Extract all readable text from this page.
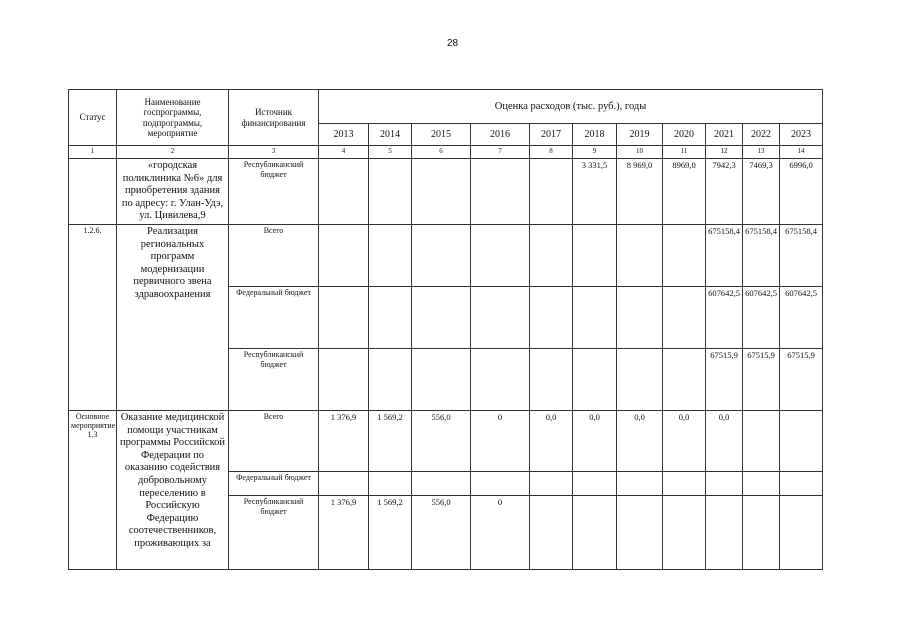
28
Статус	Наименование госпрограммы, подпрограммы, мероприятие	Источник финансирования	Оценка расходов (тыс. руб.), годы										
			2013	2014	2015	2016	2017	2018	2019	2020	2021	2022	2023
1	2	3	4	5	6	7	8	9	10	11	12	13	14
	«городская поликлиника №6» для приобретения здания по адресу: г. Улан-Удэ, ул. Цивилева,9	Республиканский бюджет						3 331,5	8 969,0	8969,0	7942,3	7469,3	6996,0
1.2.6.	Реализация региональных программ модернизации первичного звена здравоохранения	Всего									675158,4	675158,4	675158,4
		Федеральный бюджет									607642,5	607642,5	607642,5
		Республиканский бюджет									67515,9	67515,9	67515,9
Основное мероприятие 1.3	Оказание медицинской помощи участникам программы Российской Федерации по оказанию содействия добровольному переселению в Российскую Федерацию соотечественников, проживающих за	Всего	1 376,9	1 569,2	556,0	0	0,0	0,0	0,0	0,0	0,0		
		Федеральный бюджет											
		Республиканский бюджет	1 376,9	1 569,2	556,0	0							
